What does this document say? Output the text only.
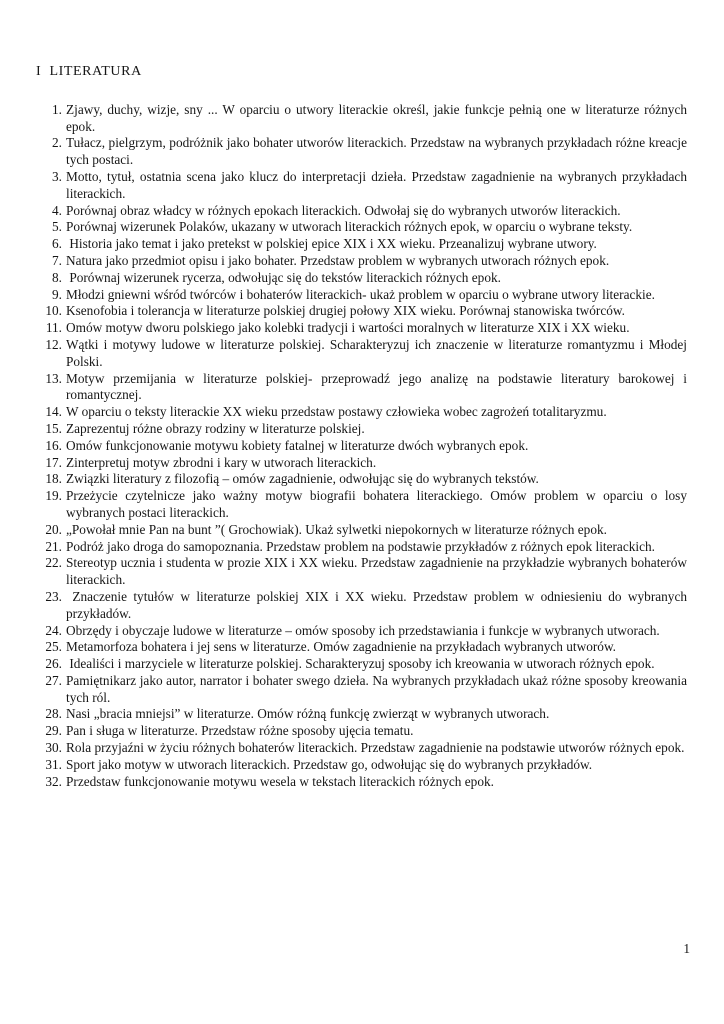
I  LITERATURA
1. Zjawy, duchy, wizje, sny ... W oparciu o utwory literackie określ, jakie funkcje pełnią one w literaturze różnych epok.
2. Tułacz, pielgrzym, podróżnik jako bohater utworów literackich. Przedstaw na wybranych przykładach różne kreacje tych postaci.
3. Motto, tytuł, ostatnia scena jako klucz do interpretacji dzieła. Przedstaw zagadnienie na wybranych przykładach literackich.
4. Porównaj obraz władcy w różnych epokach literackich. Odwołaj się do wybranych utworów literackich.
5. Porównaj wizerunek Polaków, ukazany w utworach literackich różnych epok, w oparciu o wybrane teksty.
6. Historia jako temat i jako pretekst w polskiej epice XIX i XX wieku. Przeanalizuj wybrane utwory.
7. Natura jako przedmiot opisu i jako bohater. Przedstaw problem w wybranych utworach różnych epok.
8. Porównaj wizerunek rycerza, odwołując się do tekstów literackich różnych epok.
9. Młodzi gniewni wśród twórców i bohaterów literackich- ukaż problem w oparciu o wybrane utwory literackie.
10. Ksenofobia i tolerancja w literaturze polskiej drugiej połowy XIX wieku. Porównaj stanowiska twórców.
11. Omów motyw dworu polskiego jako kolebki tradycji i wartości moralnych w literaturze XIX i XX wieku.
12. Wątki i motywy ludowe w literaturze polskiej. Scharakteryzuj ich znaczenie w literaturze romantyzmu i Młodej Polski.
13. Motyw przemijania w literaturze polskiej- przeprowadź jego analizę na podstawie literatury barokowej i romantycznej.
14. W oparciu o teksty literackie XX wieku przedstaw postawy człowieka wobec zagrożeń totalitaryzmu.
15. Zaprezentuj różne obrazy rodziny w literaturze polskiej.
16. Omów funkcjonowanie motywu kobiety fatalnej w literaturze dwóch wybranych epok.
17. Zinterpretuj motyw zbrodni i kary w utworach literackich.
18. Związki literatury z filozofią – omów zagadnienie, odwołując się do wybranych tekstów.
19. Przeżycie czytelnicze jako ważny motyw biografii bohatera literackiego. Omów problem w oparciu o losy wybranych postaci literackich.
20. „Powołał mnie Pan na bunt ”( Grochowiak). Ukaż sylwetki niepokornych w literaturze różnych epok.
21. Podróż jako droga do samopoznania. Przedstaw problem na podstawie przykładów z różnych epok literackich.
22. Stereotyp ucznia i studenta w prozie XIX i XX wieku. Przedstaw zagadnienie na przykładzie wybranych bohaterów literackich.
23. Znaczenie tytułów w literaturze polskiej XIX i XX wieku. Przedstaw problem w odniesieniu do wybranych przykładów.
24. Obrzędy i obyczaje ludowe w literaturze – omów sposoby ich przedstawiania i funkcje w wybranych utworach.
25. Metamorfoza bohatera i jej sens w literaturze. Omów zagadnienie na przykładach wybranych utworów.
26. Idealiści i marzyciele w literaturze polskiej. Scharakteryzuj sposoby ich kreowania w utworach różnych epok.
27. Pamiętnikarz jako autor, narrator i bohater swego dzieła. Na wybranych przykładach ukaż różne sposoby kreowania tych ról.
28. Nasi „bracia mniejsi” w literaturze. Omów różną funkcję zwierząt w wybranych utworach.
29. Pan i sługa w literaturze. Przedstaw różne sposoby ujęcia tematu.
30. Rola przyjaźni w życiu różnych bohaterów literackich. Przedstaw zagadnienie na podstawie utworów różnych epok.
31. Sport jako motyw w utworach literackich. Przedstaw go, odwołując się do wybranych przykładów.
32. Przedstaw funkcjonowanie motywu wesela w tekstach literackich różnych epok.
1
